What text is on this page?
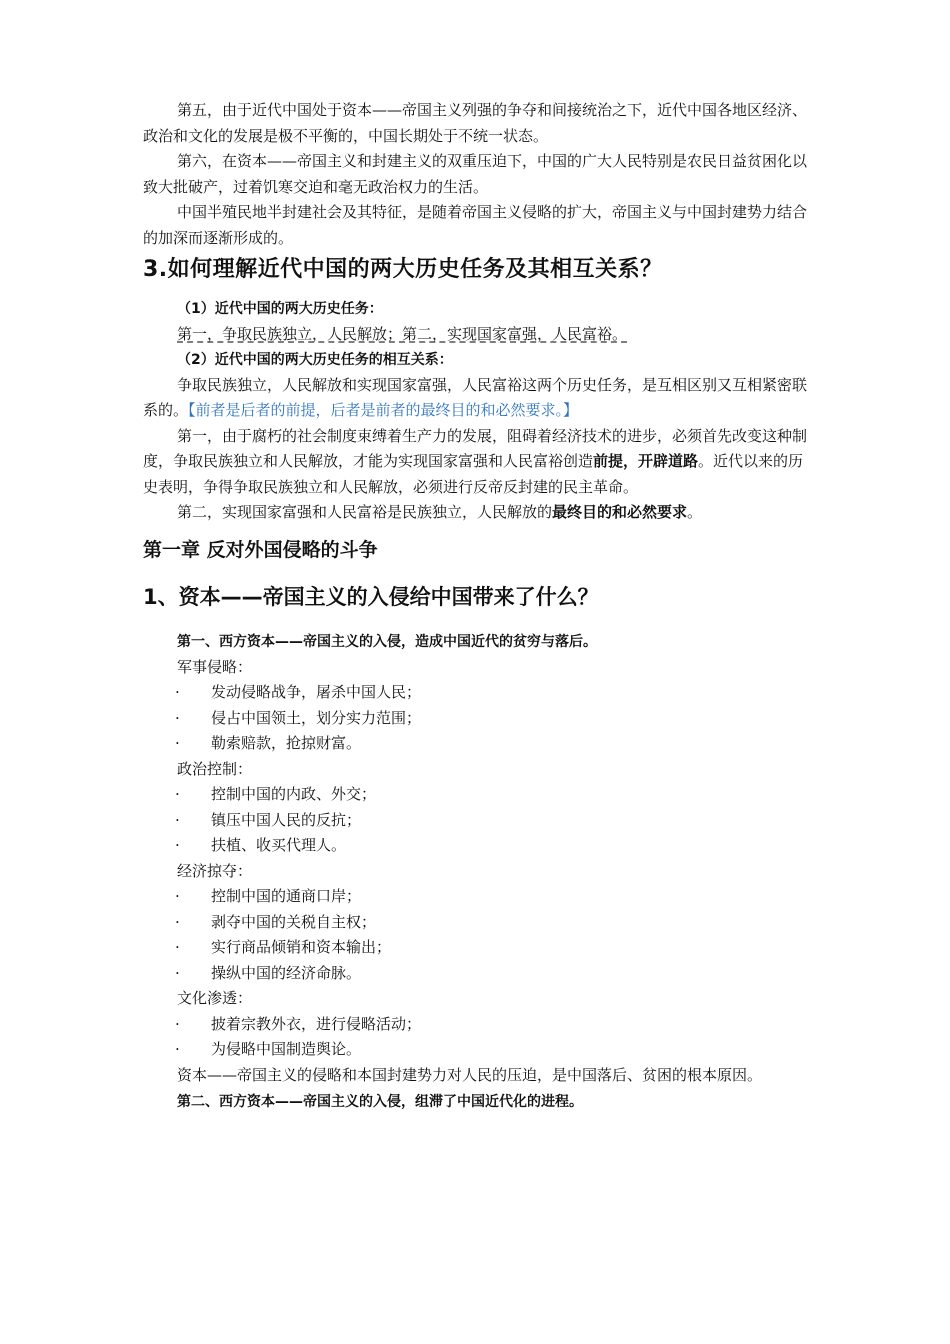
第五，由于近代中国处于资本——帝国主义列强的争夺和间接统治之下，近代中国各地区经济、政治和文化的发展是极不平衡的，中国长期处于不统一状态。

第六，在资本——帝国主义和封建主义的双重压迫下，中国的广大人民特别是农民日益贫困化以致大批破产，过着饥寒交迫和毫无政治权力的生活。

中国半殖民地半封建社会及其特征，是随着帝国主义侵略的扩大，帝国主义与中国封建势力结合的加深而逐渐形成的。

3.如何理解近代中国的两大历史任务及其相互关系？

（1）近代中国的两大历史任务：

第一，争取民族独立，人民解放；第二，实现国家富强，人民富裕。

（2）近代中国的两大历史任务的相互关系：

争取民族独立，人民解放和实现国家富强，人民富裕这两个历史任务，是互相区别又互相紧密联系的。【前者是后者的前提，后者是前者的最终目的和必然要求。】

第一，由于腐朽的社会制度束缚着生产力的发展，阻碍着经济技术的进步，必须首先改变这种制度，争取民族独立和人民解放，才能为实现国家富强和人民富裕创造前提，开辟道路。近代以来的历史表明，争得争取民族独立和人民解放，必须进行反帝反封建的民主革命。

第二，实现国家富强和人民富裕是民族独立，人民解放的最终目的和必然要求。

第一章 反对外国侵略的斗争
1、资本——帝国主义的入侵给中国带来了什么？

第一、西方资本——帝国主义的入侵，造成中国近代的贫穷与落后。

军事侵略：

· 发动侵略战争，屠杀中国人民；

· 侵占中国领土，划分实力范围；

· 勒索赔款，抢掠财富。

政治控制：

· 控制中国的内政、外交；

· 镇压中国人民的反抗；

· 扶植、收买代理人。

经济掠夺：

· 控制中国的通商口岸；

· 剥夺中国的关税自主权；

· 实行商品倾销和资本输出；

· 操纵中国的经济命脉。

文化渗透：

· 披着宗教外衣，进行侵略活动；

· 为侵略中国制造舆论。

资本——帝国主义的侵略和本国封建势力对人民的压迫，是中国落后、贫困的根本原因。

第二、西方资本——帝国主义的入侵，组滞了中国近代化的进程。
